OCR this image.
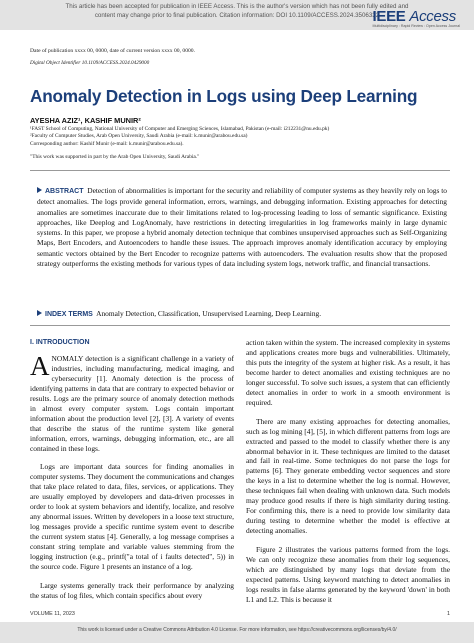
This article has been accepted for publication in IEEE Access. This is the author's version which has not been fully edited and
content may change prior to final publication. Citation information: DOI 10.1109/ACCESS.2024.3506332
IEEE Access
Multidisciplinary : Rapid Review : Open Access Journal
Date of publication xxxx 00, 0000, date of current version xxxx 00, 0000.
Digital Object Identifier 10.1109/ACCESS.2024.0429000
Anomaly Detection in Logs using Deep Learning
AYESHA AZIZ¹, KASHIF MUNIR²
¹FAST School of Computing, National University of Computer and Emerging Sciences, Islamabad, Pakistan (e-mail: i212231@nu.edu.pk)
²Faculty of Computer Studies, Arab Open University, Saudi Arabia (e-mail: k.munir@arabou.edu.sa)
Corresponding author: Kashif Munir (e-mail: k.munir@arabou.edu.sa).
"This work was supported in part by the Arab Open University, Saudi Arabia."
ABSTRACT Detection of abnormalities is important for the security and reliability of computer systems as they heavily rely on logs to detect anomalies. The logs provide general information, errors, warnings, and debugging information. Existing approaches for detecting anomalies are sometimes inaccurate due to their limitations related to log-processing leading to loss of semantic significance. Existing approaches, like Deeplog and LogAnomaly, have restrictions in detecting irregularities in log frameworks mainly in large dynamic systems. In this paper, we propose a hybrid anomaly detection technique that combines unsupervised approaches such as Self-Organizing Maps, Bert Encoders, and Autoencoders to handle these issues. The approach improves anomaly identification accuracy by employing semantic vectors obtained by the Bert Encoder to recognize patterns with autoencoders. The evaluation results show that the proposed strategy outperforms the existing methods for various types of data including system logs, network traffic, and financial transactions.
INDEX TERMS Anomaly Detection, Classification, Unsupervised Learning, Deep Learning.
I. INTRODUCTION

ANOMALY detection is a significant challenge in a variety of industries, including manufacturing, medical imaging, and cybersecurity [1]. Anomaly detection is the process of identifying patterns in data that are contrary to expected behavior or results. Logs are the primary source of anomaly detection methods in almost every computer system. Logs contain important information about the production level [2], [3]. A variety of events that describe the status of the runtime system like general information, errors, warnings, debugging information, etc., are all contained in these logs.

Logs are important data sources for finding anomalies in computer systems. They document the communications and changes that take place related to data, files, services, or applications. They are usually employed by developers and data-driven processes in order to look at system behaviors and identify, localize, and resolve any abnormal issues. Written by developers in a loose text structure, log messages provide a specific runtime system event to describe the current system status [4]. Generally, a log message comprises a constant string template and variable values stemming from the logging instruction (e.g., printf("a total of i faults detected", 5)) in the source code. Figure 1 presents an instance of a log.

Large systems generally track their performance by analyzing the status of log files, which contain specifics about every

action taken within the system. The increased complexity in systems and applications creates more bugs and vulnerabilities. Ultimately, this puts the integrity of the system at higher risk. As a result, it has become harder to detect anomalies and existing techniques are no longer successful. To solve such issues, a system that can efficiently detect anomalies in order to work in a smooth environment is required.

There are many existing approaches for detecting anomalies, such as log mining [4], [5], in which different patterns from logs are extracted and passed to the model to classify whether there is any abnormal behavior in it. These techniques are limited to the dataset and fail in real-time. Some techniques do not parse the logs for patterns [6]. They generate embedding vector sequences and store the keys in a list to determine whether the log is normal. However, these techniques fail when dealing with unknown data. Such models may produce good results if there is high similarity during testing. For confirming this, there is a need to provide low similarity data during testing to determine whether the model is effective at detecting anomalies.

Figure 2 illustrates the various patterns formed from the logs. We can only recognize these anomalies from their log sequences, which are distinguished by many logs that deviate from the expected patterns. Using keyword matching to detect anomalies in logs results in false alarms generated by the keyword 'down' in both L1 and L2. This is because it

VOLUME 11, 2023	1
This work is licensed under a Creative Commons Attribution 4.0 License. For more information, see https://creativecommons.org/licenses/by/4.0/
